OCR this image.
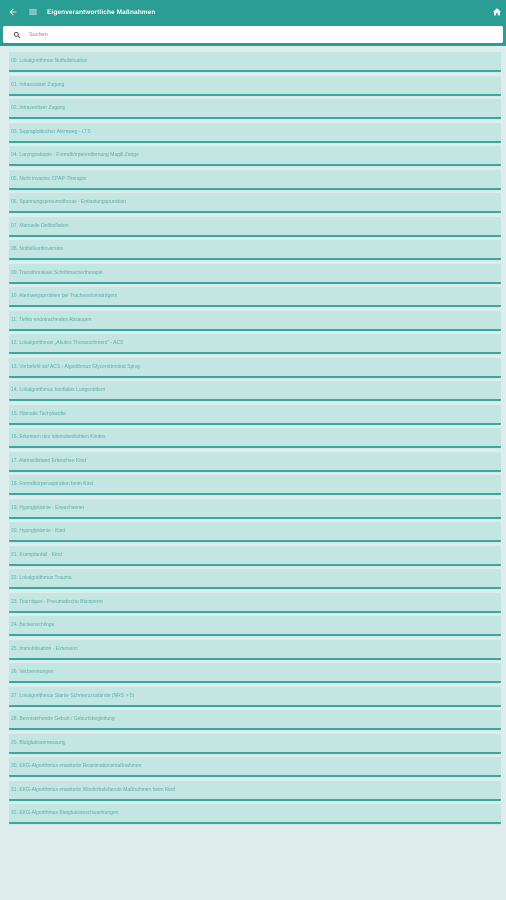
Eigenverantwortliche Maßnahmen
Suchen
00. Lokalgorithmus Notfallsituation
01. Intraossärer Zugang
02. Intravenöser Zugang
03. Supraglottischer Atemweg - LTS
04. Laryngoskopie - Fremdkörperentfernung Magill Zange
05. Nicht invasive CPAP-Therapie
06. Spannungspneumothorax - Entlastungspunktion
07. Manuelle Defibrillation
08. Notfallkardioversion
09. Transthorakale Schrittmachertherapie
10. Atemwegsproblem bei Tracheostomaträgern
11. Tiefes endotracheales Absaugen
12. Lokalgorithmus „Akutes Thoraxschmerz“ - ACS
13. Vorbefehl auf ACS - Algorithmus Glyceroltrinitrat Spray
14. Lokalgorithmus kardiales Lungenödem
15. Hämatie Tachykardie
16. Erkennen des lebensbedrohten Kindes
17. Atemstillstand Erbrochen Kind
18. Fremdkörperaspiration beim Kind
19. Hypoglykämie - Erwachsener
20. Hypoglykämie - Kind
21. Krampfanfall - Kind
22. Lokalgorithmus Trauma
23. Tourniquet - Pneumatische Blutsperre
24. Beckenschlinge
25. Immobilisation - Extension
26. Verbrennungen
27. Lokalgorithmus Starke Schmerzzustände (NRS > 5)
28. Bevorstehende Geburt / Geburtsbegleitung
29. Blutglukosemessung
30. EKG-Algorithmus erweiterte Reanimationsmaßnahmen
31. EKG-Algorithmus erweiterte Wiederbelebende Maßnahmen beim Kind
32. EKG-Algorithmus Blutglukoseschwankungen
